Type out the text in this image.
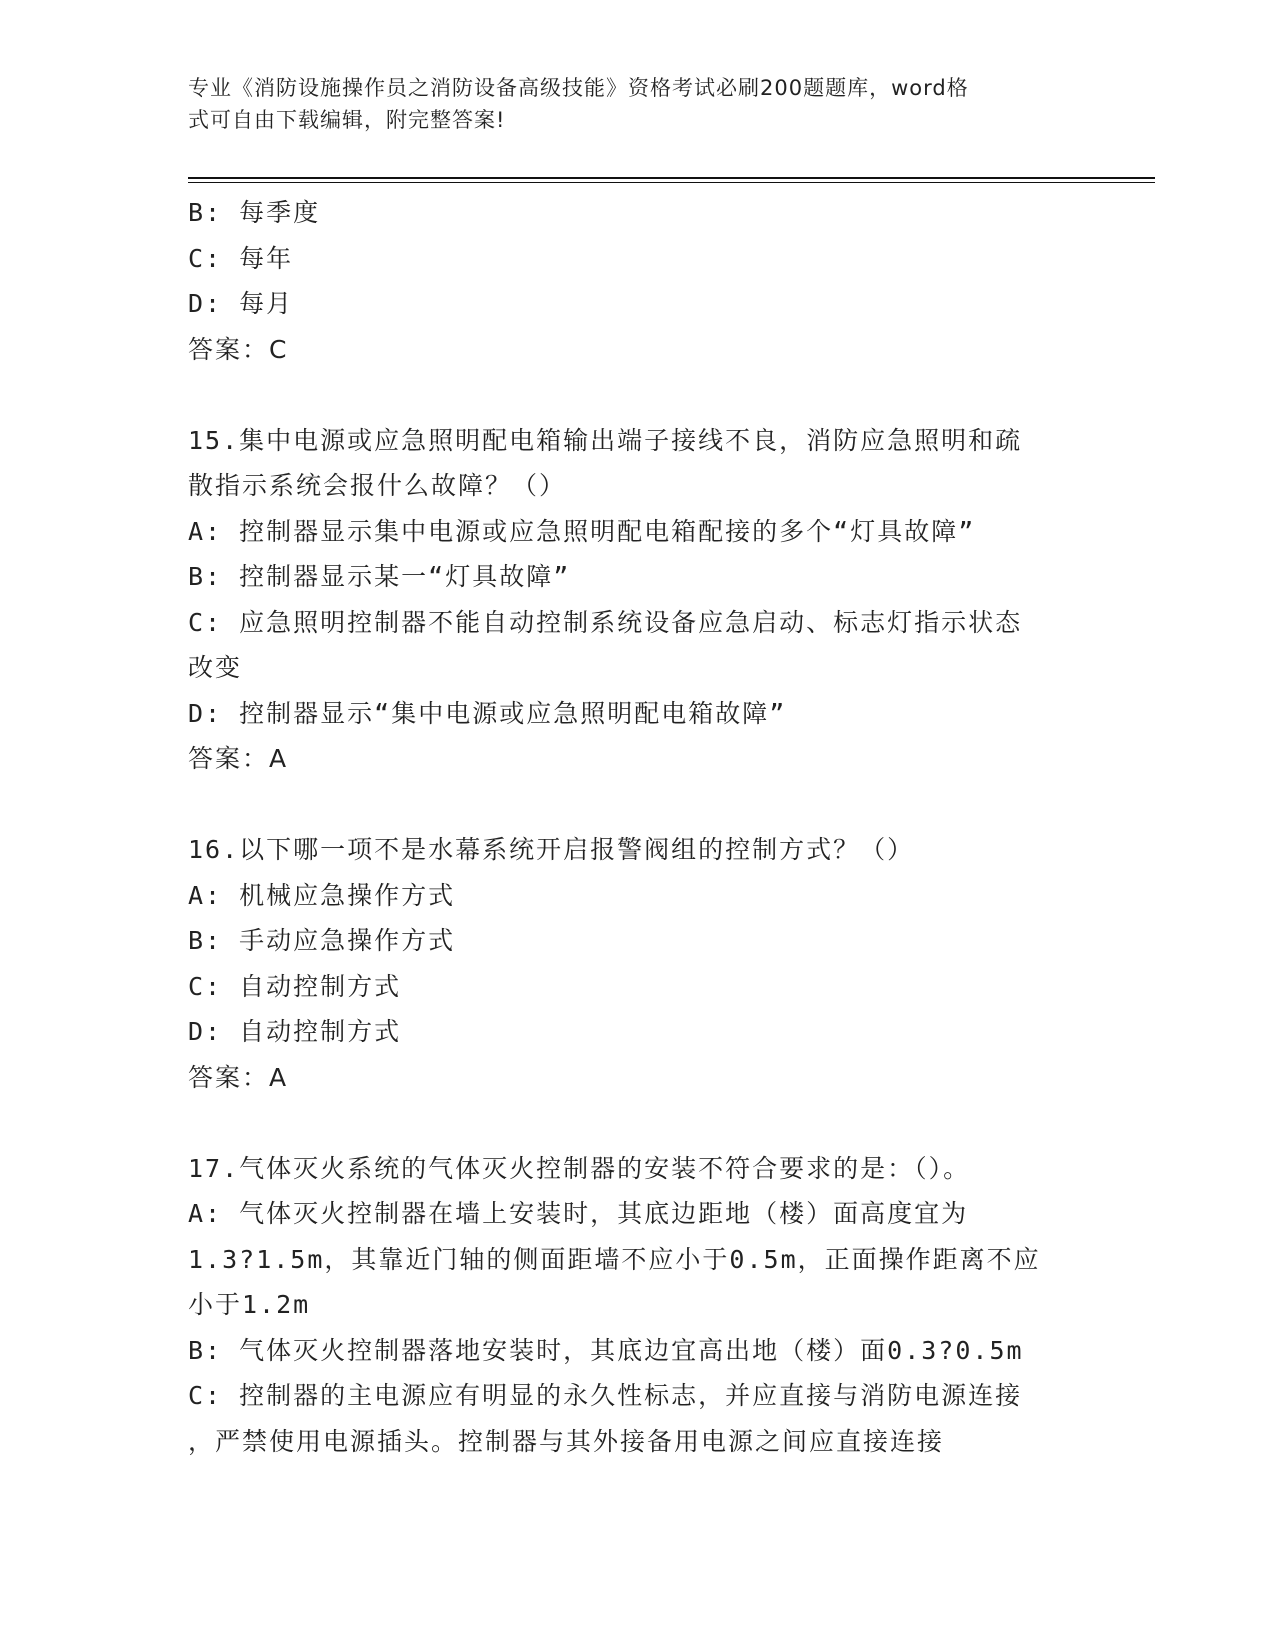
专业《消防设施操作员之消防设备高级技能》资格考试必刷200题题库，word格
式可自由下载编辑，附完整答案!
B: 每季度
C: 每年
D: 每月
答案：C
15.集中电源或应急照明配电箱输出端子接线不良，消防应急照明和疏
散指示系统会报什么故障？（）
A: 控制器显示集中电源或应急照明配电箱配接的多个“灯具故障”
B: 控制器显示某一“灯具故障”
C: 应急照明控制器不能自动控制系统设备应急启动、标志灯指示状态
改变
D: 控制器显示“集中电源或应急照明配电箱故障”
答案：A
16.以下哪一项不是水幕系统开启报警阀组的控制方式？（）
A: 机械应急操作方式
B: 手动应急操作方式
C: 自动控制方式
D: 自动控制方式
答案：A
17.气体灭火系统的气体灭火控制器的安装不符合要求的是：（）。
A: 气体灭火控制器在墙上安装时，其底边距地（楼）面高度宜为
1.3?1.5m，其靠近门轴的侧面距墙不应小于0.5m，正面操作距离不应
小于1.2m
B: 气体灭火控制器落地安装时，其底边宜高出地（楼）面0.3?0.5m
C: 控制器的主电源应有明显的永久性标志，并应直接与消防电源连接
，严禁使用电源插头。控制器与其外接备用电源之间应直接连接
